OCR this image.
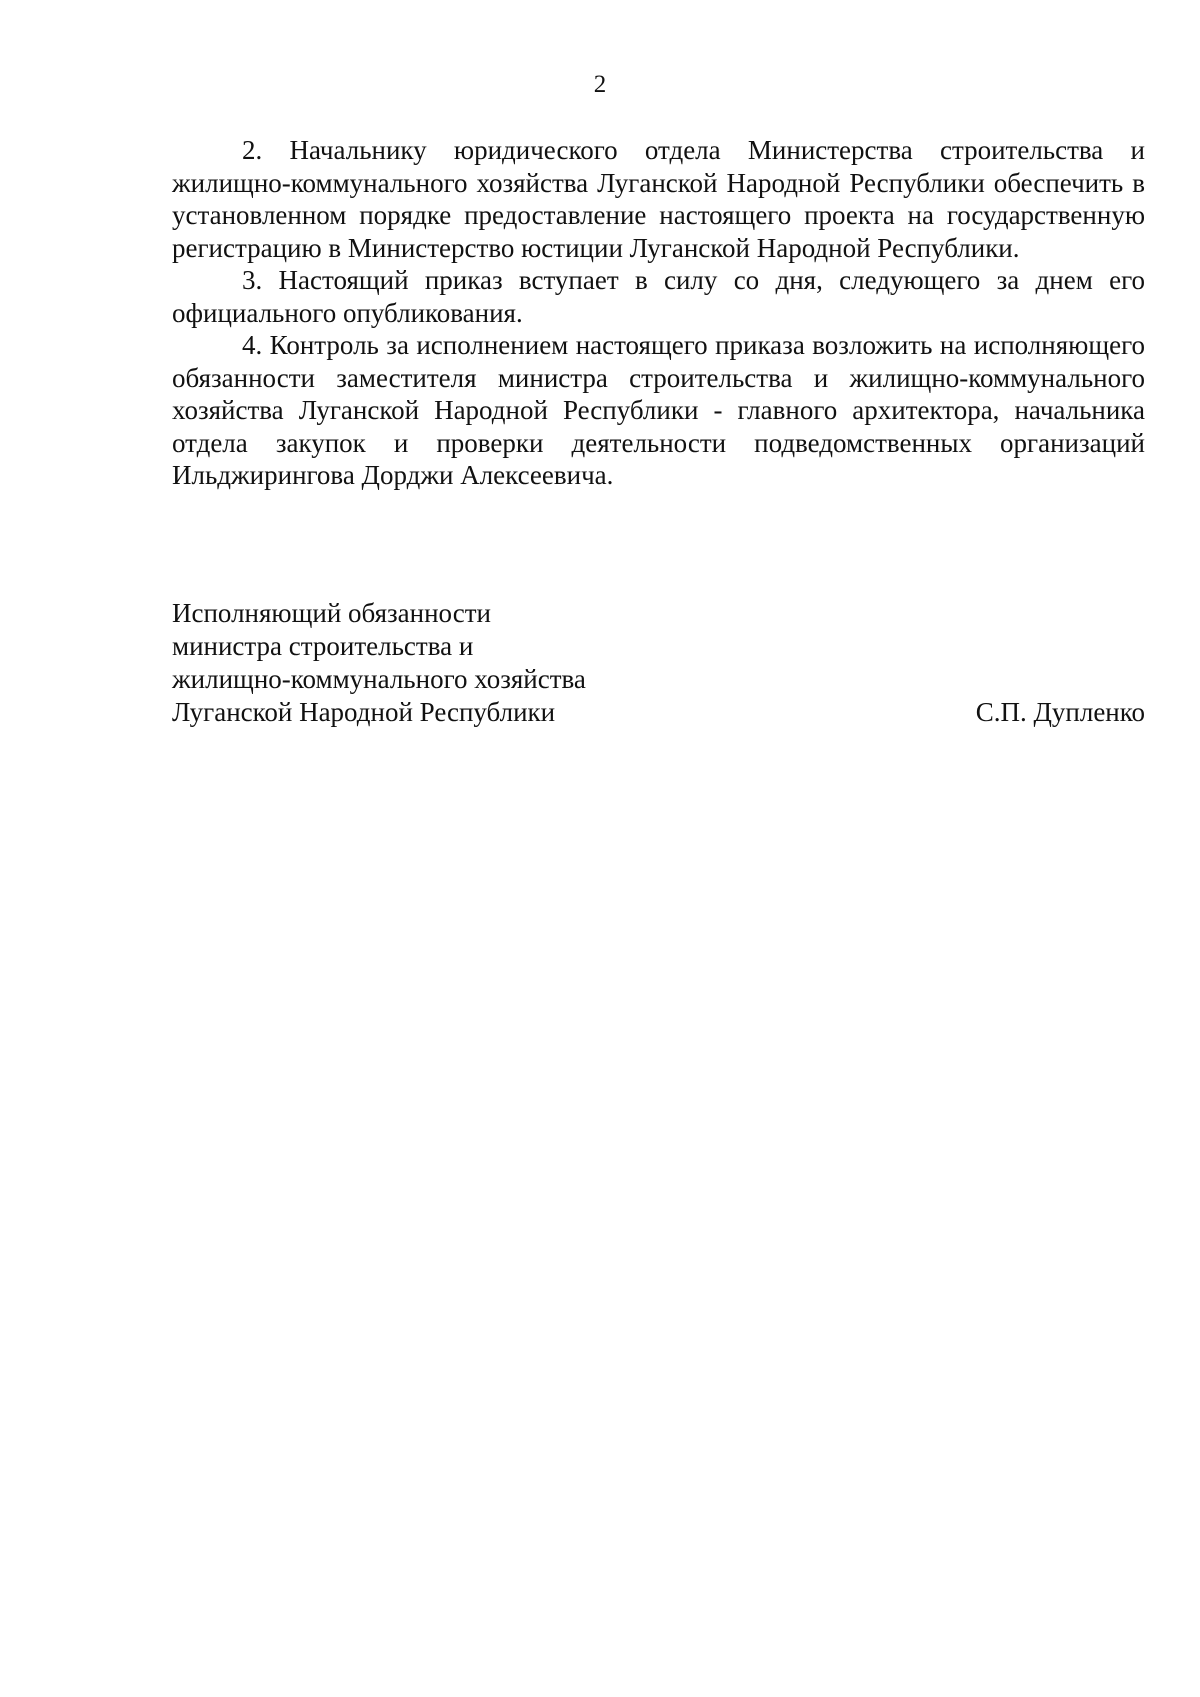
2

2. Начальнику юридического отдела Министерства строительства и жилищно-коммунального хозяйства Луганской Народной Республики обеспечить в установленном порядке предоставление настоящего проекта на государственную регистрацию в Министерство юстиции Луганской Народной Республики.

3. Настоящий приказ вступает в силу со дня, следующего за днем его официального опубликования.

4. Контроль за исполнением настоящего приказа возложить на исполняющего обязанности заместителя министра строительства и жилищно-коммунального хозяйства Луганской Народной Республики - главного архитектора, начальника отдела закупок и проверки деятельности подведомственных организаций Ильджирингова Дорджи Алексеевича.

Исполняющий обязанности
министра строительства и
жилищно-коммунального хозяйства
Луганской Народной Республики	С.П. Дупленко
